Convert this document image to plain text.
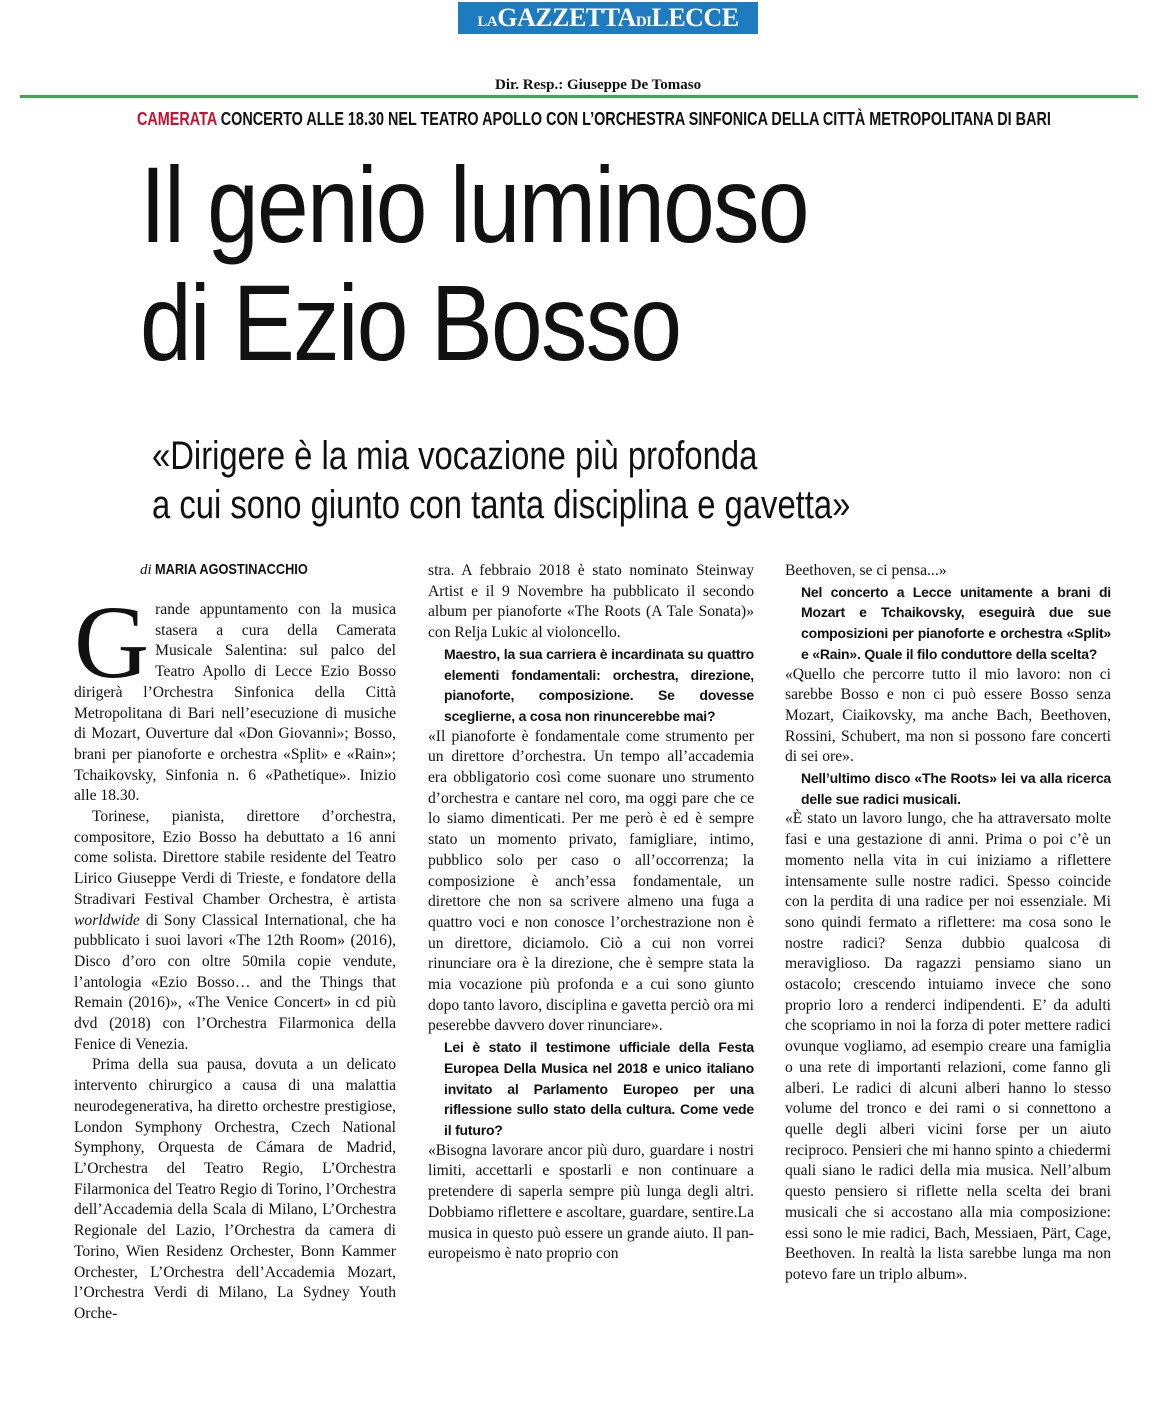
LAGAZZETTADILECCE
Dir. Resp.: Giuseppe De Tomaso
CAMERATA CONCERTO ALLE 18.30 NEL TEATRO APOLLO CON L’ORCHESTRA SINFONICA DELLA CITTÀ METROPOLITANA DI BARI
Il genio luminoso
di Ezio Bosso
«Dirigere è la mia vocazione più profonda
a cui sono giunto con tanta disciplina e gavetta»
di MARIA AGOSTINACCHIO

Grande appuntamento con la musica stasera a cura della Camerata Musicale Salentina: sul palco del Teatro Apollo di Lecce Ezio Bosso dirigerà l’Orchestra Sinfonica della Città Metropolitana di Bari nell’esecuzione di musiche di Mozart, Ouverture dal «Don Giovanni»; Bosso, brani per pianoforte e orchestra «Split» e «Rain»; Tchaikovsky, Sinfonia n. 6 «Pathetique». Inizio alle 18.30.

Torinese, pianista, direttore d’orchestra, compositore, Ezio Bosso ha debuttato a 16 anni come solista. Direttore stabile residente del Teatro Lirico Giuseppe Verdi di Trieste, e fondatore della Stradivari Festival Chamber Orchestra, è artista worldwide di Sony Classical International, che ha pubblicato i suoi lavori «The 12th Room» (2016), Disco d’oro con oltre 50mila copie vendute, l’antologia «Ezio Bosso… and the Things that Remain (2016)», «The Venice Concert» in cd più dvd (2018) con l’Orchestra Filarmonica della Fenice di Venezia.

Prima della sua pausa, dovuta a un delicato intervento chirurgico a causa di una malattia neurodegenerativa, ha diretto orchestre prestigiose, London Symphony Orchestra, Czech National Symphony, Orquesta de Cámara de Madrid, L’Orchestra del Teatro Regio, L’Orchestra Filarmonica del Teatro Regio di Torino, l’Orchestra dell’Accademia della Scala di Milano, L’Orchestra Regionale del Lazio, l’Orchestra da camera di Torino, Wien Residenz Orchester, Bonn Kammer Orchester, L’Orchestra dell’Accademia Mozart, l’Orchestra Verdi di Milano, La Sydney Youth Orche-

stra. A febbraio 2018 è stato nominato Steinway Artist e il 9 Novembre ha pubblicato il secondo album per pianoforte «The Roots (A Tale Sonata)» con Relja Lukic al violoncello.

Maestro, la sua carriera è incardinata su quattro elementi fondamentali: orchestra, direzione, pianoforte, composizione. Se dovesse sceglierne, a cosa non rinuncerebbe mai?

«Il pianoforte è fondamentale come strumento per un direttore d’orchestra. Un tempo all’accademia era obbligatorio così come suonare uno strumento d’orchestra e cantare nel coro, ma oggi pare che ce lo siamo dimenticati. Per me però è ed è sempre stato un momento privato, famigliare, intimo, pubblico solo per caso o all’occorrenza; la composizione è anch’essa fondamentale, un direttore che non sa scrivere almeno una fuga a quattro voci e non conosce l’orchestrazione non è un direttore, diciamolo. Ciò a cui non vorrei rinunciare ora è la direzione, che è sempre stata la mia vocazione più profonda e a cui sono giunto dopo tanto lavoro, disciplina e gavetta perciò ora mi peserebbe davvero dover rinunciare».

Lei è stato il testimone ufficiale della Festa Europea Della Musica nel 2018 e unico italiano invitato al Parlamento Europeo per una riflessione sullo stato della cultura. Come vede il futuro?

«Bisogna lavorare ancor più duro, guardare i nostri limiti, accettarli e spostarli e non continuare a pretendere di saperla sempre più lunga degli altri. Dobbiamo riflettere e ascoltare, guardare, sentire.La musica in questo può essere un grande aiuto. Il pan-europeismo è nato proprio con

Beethoven, se ci pensa...»

Nel concerto a Lecce unitamente a brani di Mozart e Tchaikovsky, eseguirà due sue composizioni per pianoforte e orchestra «Split» e «Rain». Quale il filo conduttore della scelta?

«Quello che percorre tutto il mio lavoro: non ci sarebbe Bosso e non ci può essere Bosso senza Mozart, Ciaikovsky, ma anche Bach, Beethoven, Rossini, Schubert, ma non si possono fare concerti di sei ore».

Nell’ultimo disco «The Roots» lei va alla ricerca delle sue radici musicali.

«È stato un lavoro lungo, che ha attraversato molte fasi e una gestazione di anni. Prima o poi c’è un momento nella vita in cui iniziamo a riflettere intensamente sulle nostre radici. Spesso coincide con la perdita di una radice per noi essenziale. Mi sono quindi fermato a riflettere: ma cosa sono le nostre radici? Senza dubbio qualcosa di meraviglioso. Da ragazzi pensiamo siano un ostacolo; crescendo intuiamo invece che sono proprio loro a renderci indipendenti. E’ da adulti che scopriamo in noi la forza di poter mettere radici ovunque vogliamo, ad esempio creare una famiglia o una rete di importanti relazioni, come fanno gli alberi. Le radici di alcuni alberi hanno lo stesso volume del tronco e dei rami o si connettono a quelle degli alberi vicini forse per un aiuto reciproco. Pensieri che mi hanno spinto a chiedermi quali siano le radici della mia musica. Nell’album questo pensiero si riflette nella scelta dei brani musicali che si accostano alla mia composizione: essi sono le mie radici, Bach, Messiaen, Pärt, Cage, Beethoven. In realtà la lista sarebbe lunga ma non potevo fare un triplo album».
